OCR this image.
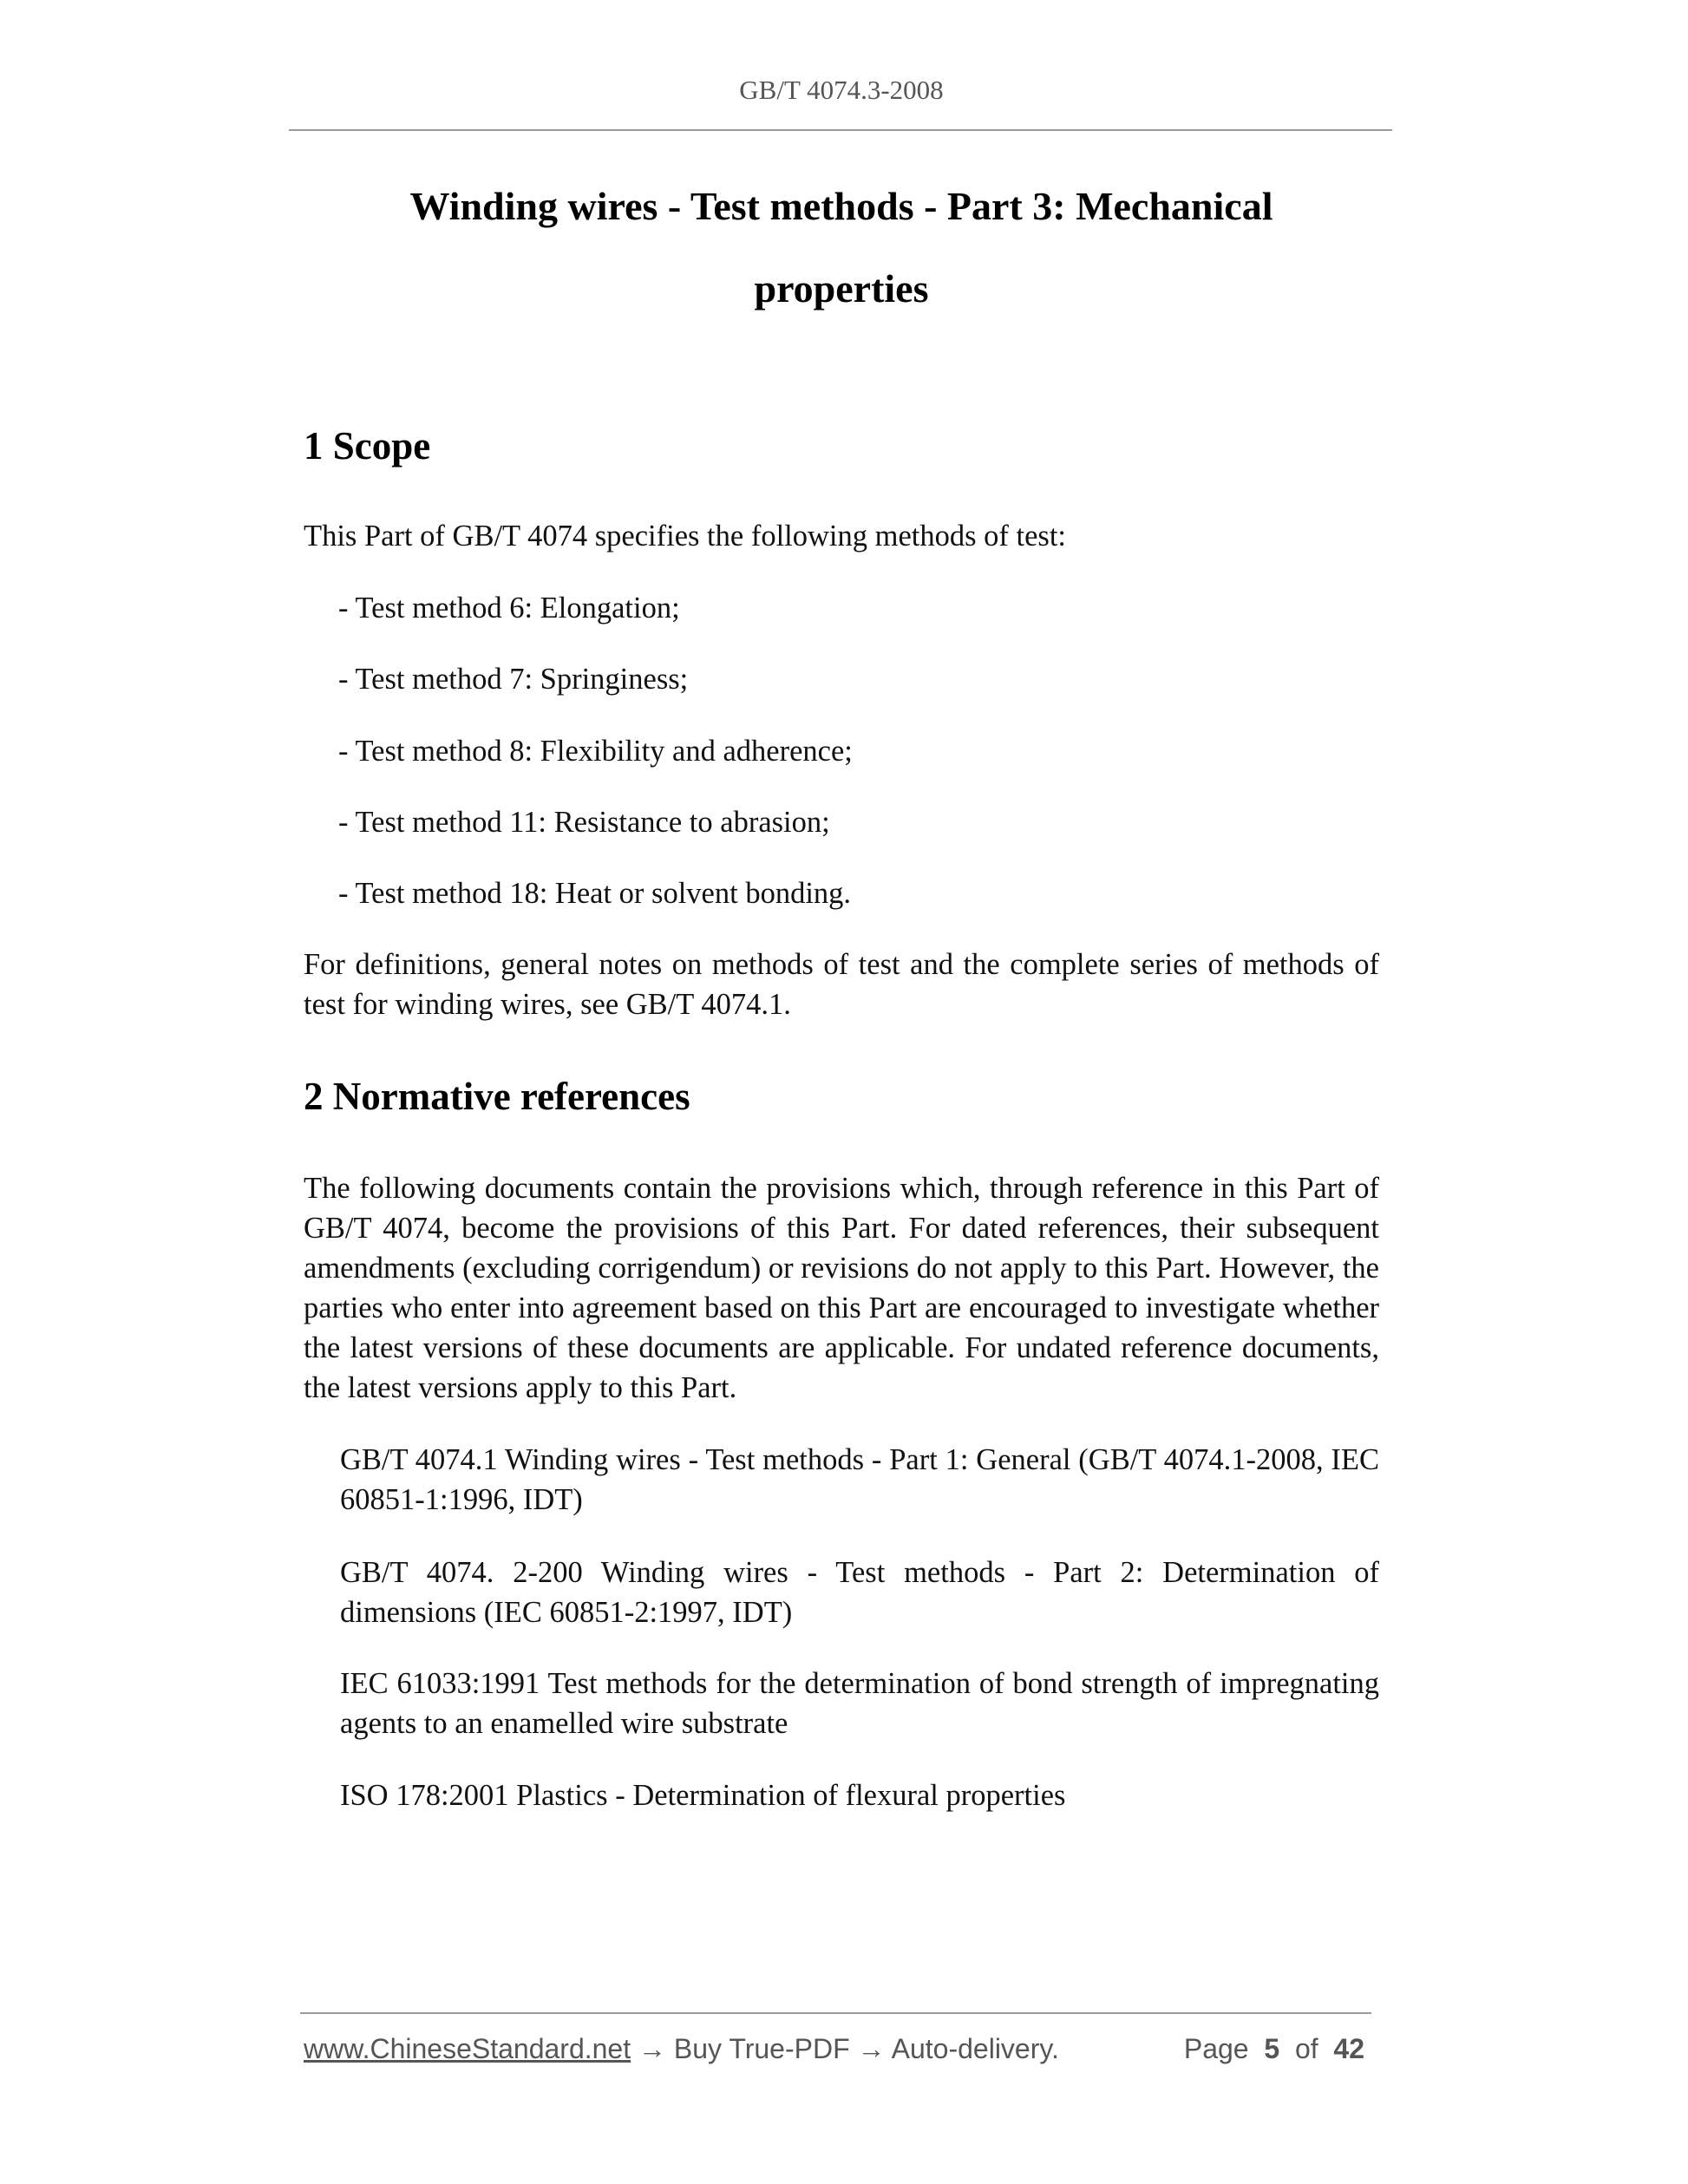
GB/T 4074.3-2008
Winding wires - Test methods - Part 3: Mechanical
properties
1 Scope
This Part of GB/T 4074 specifies the following methods of test:
- Test method 6: Elongation;
- Test method 7: Springiness;
- Test method 8: Flexibility and adherence;
- Test method 11: Resistance to abrasion;
- Test method 18: Heat or solvent bonding.
For definitions, general notes on methods of test and the complete series of methods of test for winding wires, see GB/T 4074.1.
2 Normative references
The following documents contain the provisions which, through reference in this Part of GB/T 4074, become the provisions of this Part. For dated references, their subsequent amendments (excluding corrigendum) or revisions do not apply to this Part. However, the parties who enter into agreement based on this Part are encouraged to investigate whether the latest versions of these documents are applicable. For undated reference documents, the latest versions apply to this Part.
GB/T 4074.1 Winding wires - Test methods - Part 1: General (GB/T 4074.1-2008, IEC 60851-1:1996, IDT)
GB/T 4074. 2-200 Winding wires - Test methods - Part 2: Determination of dimensions (IEC 60851-2:1997, IDT)
IEC 61033:1991 Test methods for the determination of bond strength of impregnating agents to an enamelled wire substrate
ISO 178:2001 Plastics - Determination of flexural properties
www.ChineseStandard.net → Buy True-PDF → Auto-delivery.	Page 5 of 42
